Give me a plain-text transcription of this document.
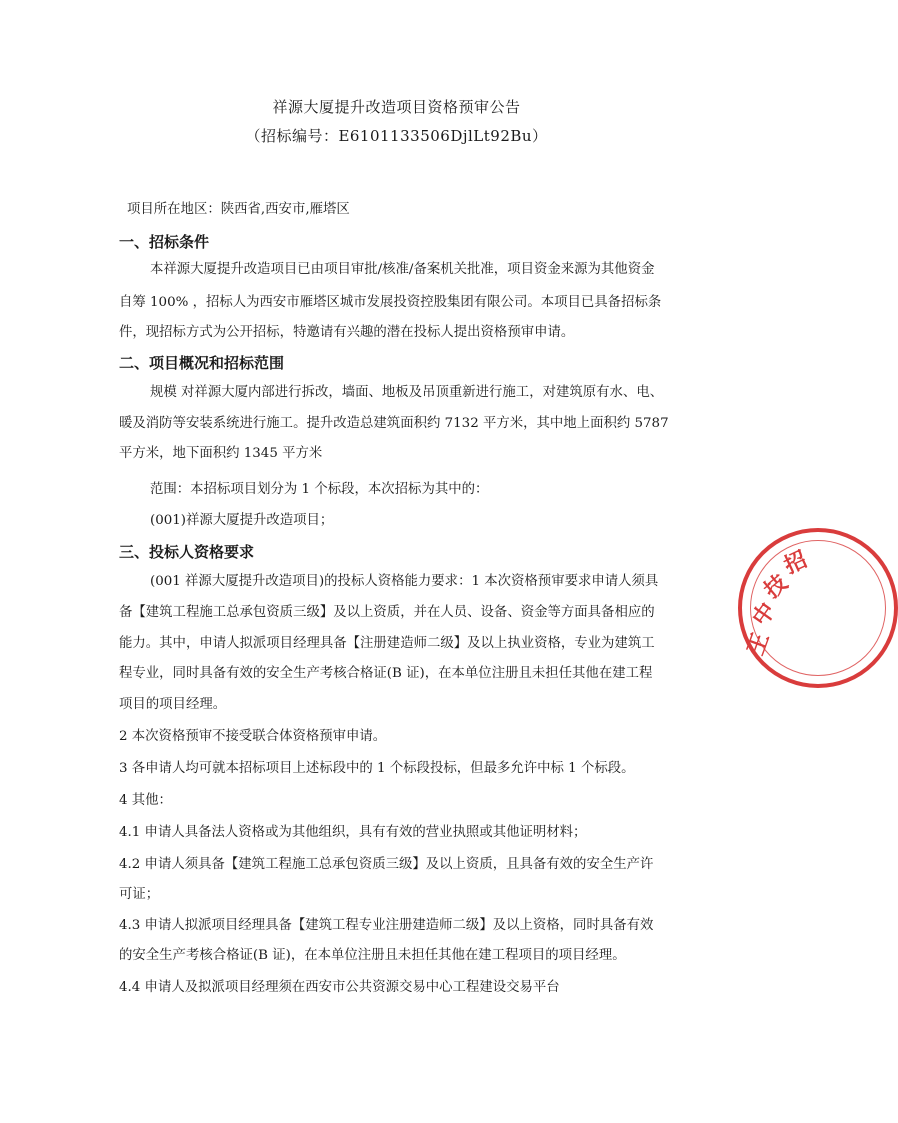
祥源大厦提升改造项目资格预审公告
（招标编号：E6101133506DjlLt92Bu）
项目所在地区：陕西省,西安市,雁塔区
一、招标条件
本祥源大厦提升改造项目已由项目审批/核准/备案机关批准，项目资金来源为其他资金
自筹 100% ，招标人为西安市雁塔区城市发展投资控股集团有限公司。本项目已具备招标条
件，现招标方式为公开招标，特邀请有兴趣的潜在投标人提出资格预审申请。
二、项目概况和招标范围
规模 对祥源大厦内部进行拆改，墙面、地板及吊顶重新进行施工，对建筑原有水、电、
暖及消防等安装系统进行施工。提升改造总建筑面积约 7132 平方米，其中地上面积约 5787
平方米，地下面积约 1345 平方米
范围：本招标项目划分为 1 个标段，本次招标为其中的：
(001)祥源大厦提升改造项目；
三、投标人资格要求
(001 祥源大厦提升改造项目)的投标人资格能力要求：1 本次资格预审要求申请人须具
备【建筑工程施工总承包资质三级】及以上资质，并在人员、设备、资金等方面具备相应的
能力。其中，申请人拟派项目经理具备【注册建造师二级】及以上执业资格，专业为建筑工
程专业，同时具备有效的安全生产考核合格证(B 证)，在本单位注册且未担任其他在建工程
项目的项目经理。
2 本次资格预审不接受联合体资格预审申请。
3 各申请人均可就本招标项目上述标段中的 1 个标段投标，但最多允许中标 1 个标段。
4 其他：
4.1 申请人具备法人资格或为其他组织，具有有效的营业执照或其他证明材料；
4.2 申请人须具备【建筑工程施工总承包资质三级】及以上资质，且具备有效的安全生产许
可证；
4.3 申请人拟派项目经理具备【建筑工程专业注册建造师二级】及以上资格，同时具备有效
的安全生产考核合格证(B 证)，在本单位注册且未担任其他在建工程项目的项目经理。
4.4 申请人及拟派项目经理须在西安市公共资源交易中心工程建设交易平台
王
中
技
招
